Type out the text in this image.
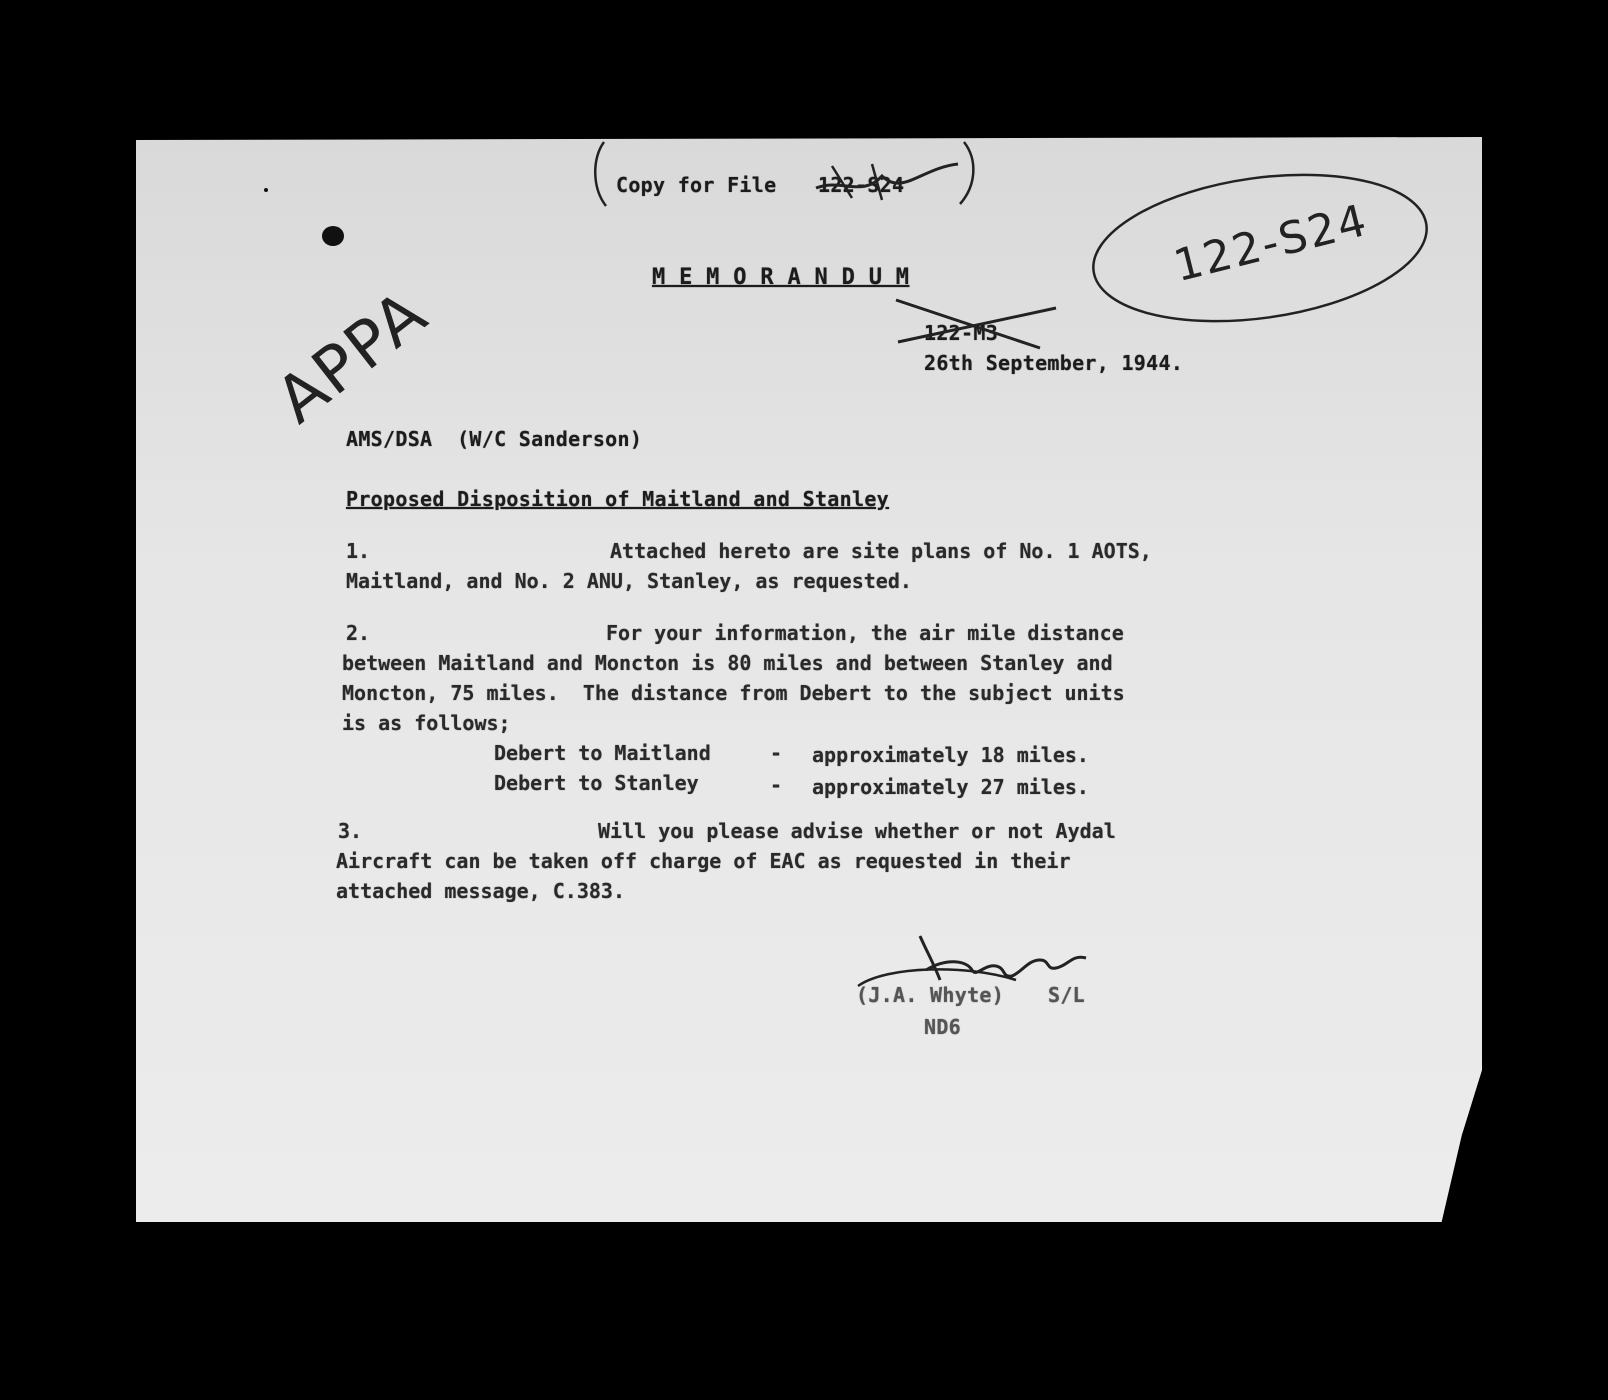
Copy for File 122-S24
122-S24
APPA	M E M O R A N D U M
122-M3
26th September, 1944.
AMS/DSA  (W/C Sanderson)
Proposed Disposition of Maitland and Stanley
1.	Attached hereto are site plans of No. 1 AOTS,
Maitland, and No. 2 ANU, Stanley, as requested.
2.	For your information, the air mile distance
between Maitland and Moncton is 80 miles and between Stanley and
Moncton, 75 miles.  The distance from Debert to the subject units
is as follows;
Debert to Maitland	- approximately 18 miles.
Debert to Stanley	- approximately 27 miles.
3.	Will you please advise whether or not Aydal
Aircraft can be taken off charge of EAC as requested in their
attached message, C.383.
(J.A. Whyte) S/L
ND6
